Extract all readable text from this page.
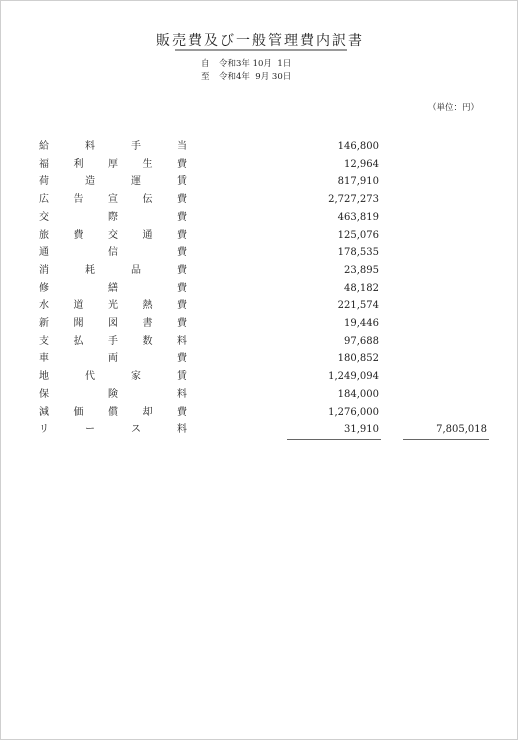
販売費及び一般管理費内訳書
自 令和3年 10月  1日
至 令和4年  9月 30日
（単位：円）
給	料	手	当	146,800
福 利 厚 生 費	12,964
荷	造	運	賃	817,910
広 告 宣 伝 費	2,727,273
交	際	費	463,819
旅 費 交 通 費	125,076
通	信	費	178,535
消	耗	品	費	23,895
修	繕	費	48,182
水 道 光 熱 費	221,574
新 聞 図 書 費	19,446
支 払 手 数 料	97,688
車	両	費	180,852
地	代	家	賃	1,249,094
保	険	料	184,000
減 価 償 却 費	1,276,000
リ	ー	ス	料	31,910	7,805,018
